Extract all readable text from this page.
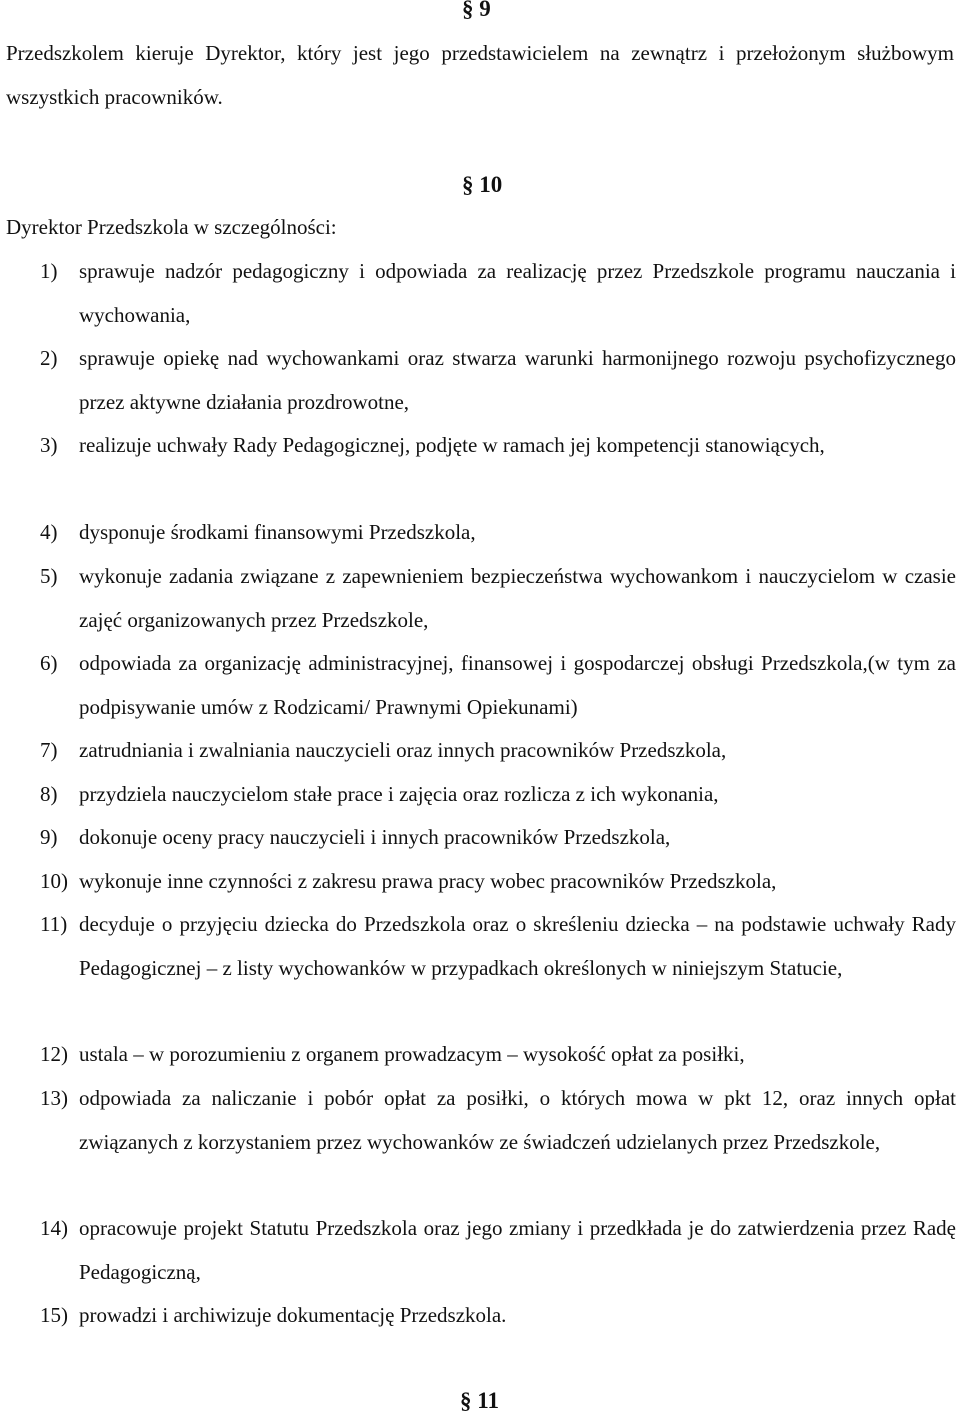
§ 9
Przedszkolem kieruje Dyrektor, który jest jego przedstawicielem na zewnątrz i przełożonym służbowym wszystkich pracowników.
§ 10
Dyrektor Przedszkola w szczególności:
1) sprawuje nadzór pedagogiczny i odpowiada za realizację przez Przedszkole programu nauczania i wychowania,
2) sprawuje opiekę nad wychowankami oraz stwarza warunki harmonijnego rozwoju psychofizycznego przez aktywne działania prozdrowotne,
3) realizuje uchwały Rady Pedagogicznej, podjęte w ramach jej kompetencji stanowiących,
4) dysponuje środkami finansowymi Przedszkola,
5) wykonuje zadania związane z zapewnieniem bezpieczeństwa wychowankom i nauczycielom w czasie zajęć organizowanych przez Przedszkole,
6) odpowiada za organizację administracyjnej, finansowej i gospodarczej obsługi Przedszkola,(w tym za podpisywanie umów z Rodzicami/ Prawnymi Opiekunami)
7) zatrudniania i zwalniania nauczycieli oraz innych pracowników Przedszkola,
8) przydziela nauczycielom stałe prace i zajęcia oraz rozlicza z ich wykonania,
9) dokonuje oceny pracy nauczycieli i innych pracowników Przedszkola,
10) wykonuje inne czynności z zakresu prawa pracy wobec pracowników Przedszkola,
11) decyduje o przyjęciu dziecka do Przedszkola oraz o skreśleniu dziecka – na podstawie uchwały Rady Pedagogicznej – z listy wychowanków w przypadkach określonych w niniejszym Statucie,
12) ustala – w porozumieniu z organem prowadzacym – wysokość opłat za posiłki,
13) odpowiada za naliczanie i pobór opłat za posiłki, o których mowa w pkt 12, oraz innych opłat związanych z korzystaniem przez wychowanków ze świadczeń udzielanych przez Przedszkole,
14) opracowuje projekt Statutu Przedszkola oraz jego zmiany i przedkłada je do zatwierdzenia przez Radę Pedagogiczną,
15) prowadzi i archiwizuje dokumentację Przedszkola.
§ 11
